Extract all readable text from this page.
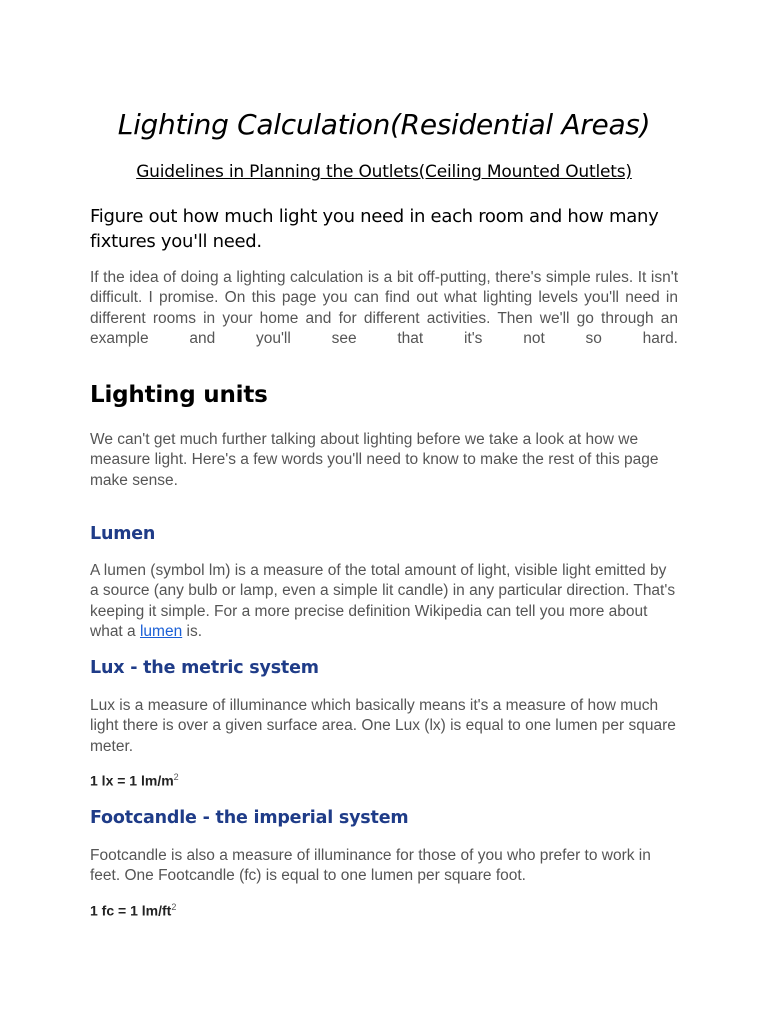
Lighting Calculation(Residential Areas)
Guidelines in Planning the Outlets(Ceiling Mounted Outlets)

Figure out how much light you need in each room and how many fixtures you'll need.

If the idea of doing a lighting calculation is a bit off-putting, there's simple rules. It isn't difficult. I promise. On this page you can find out what lighting levels you'll need in different rooms in your home and for different activities. Then we'll go through an example and you'll see that it's not so hard.

Lighting units

We can't get much further talking about lighting before we take a look at how we measure light. Here's a few words you'll need to know to make the rest of this page make sense.

Lumen

A lumen (symbol lm) is a measure of the total amount of light, visible light emitted by a source (any bulb or lamp, even a simple lit candle) in any particular direction. That's keeping it simple. For a more precise definition Wikipedia can tell you more about what a lumen is.

Lux - the metric system

Lux is a measure of illuminance which basically means it's a measure of how much light there is over a given surface area. One Lux (lx) is equal to one lumen per square meter.

1 lx = 1 $lm/m^2$

Footcandle - the imperial system

Footcandle is also a measure of illuminance for those of you who prefer to work in feet. One Footcandle (fc) is equal to one lumen per square foot.

1 fc = 1 $lm/ft^2$
